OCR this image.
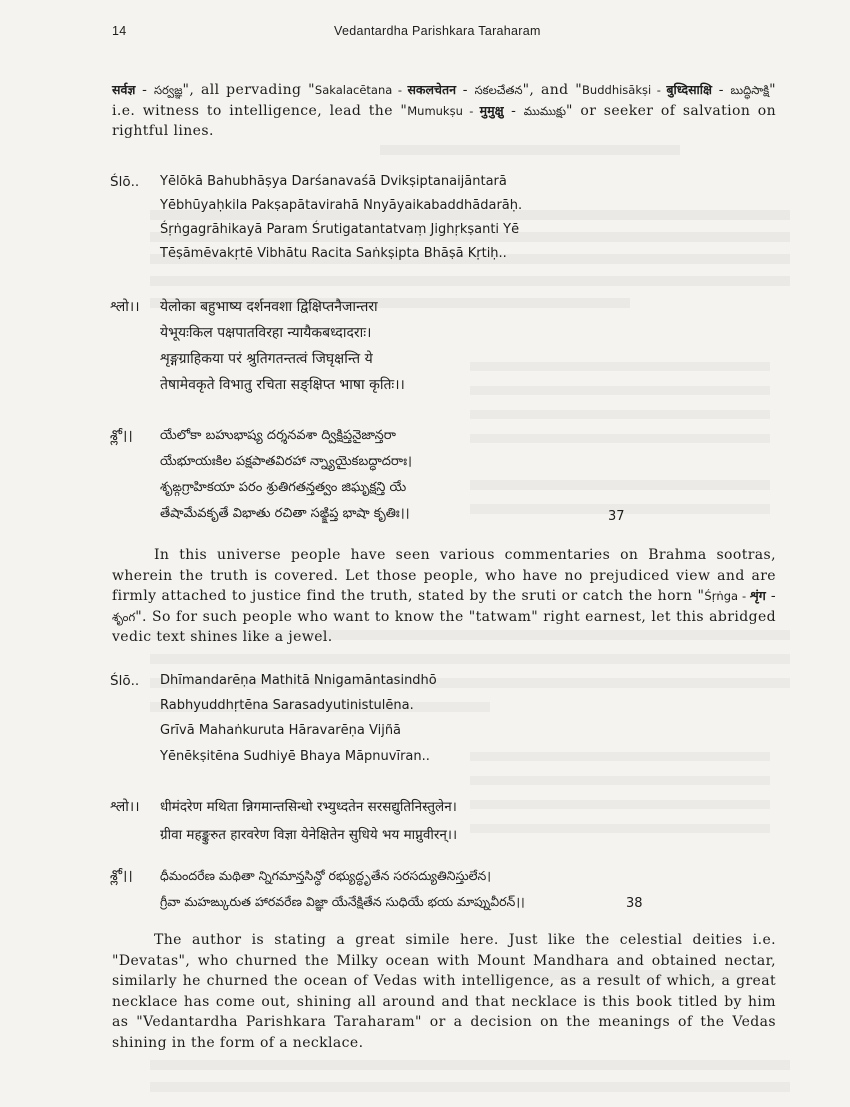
14	Vedantardha Parishkara Taraharam
सर्वज्ञ - సర్వజ్ఞ", all pervading "Sakalacētana - सकलचेतन - సకలచేతన", and "Buddhisākṣi - बुध्दिसाक्षि - బుద్ధిసాక్షి" i.e. witness to intelligence, lead the "Mumukṣu - मुमुक्षु - ముముక్షు" or seeker of salvation on rightful lines.
Ślō.. Yēlōkā Bahubhāṣya Darśanavaśā Dvikṣiptanaijāntarā
Yēbhūyaḥkila Pakṣapātavirahā Nnyāyaikabaddhādarāḥ.
Śṛṅgagrāhikayā Param Śrutigatantatvaṃ Jighṛkṣanti Yē
Tēṣāmēvakṛtē Vibhātu Racita Saṅkṣipta Bhāṣā Kṛtiḥ..
श्लो।। येलोका बहुभाष्य दर्शनवशा द्विक्षिप्तनैजान्तरा
येभूयःकिल पक्षपातविरहा न्यायैकबध्दादराः।
शृङ्गग्राहिकया परं श्रुतिगतन्तत्वं जिघृक्षन्ति ये
तेषामेवकृते विभातु रचिता सङ्क्षिप्त भाषा कृतिः।।
శ్లో।। యేలోకా బహుభాష్య దర్శనవశా ద్విక్షిప్తనైజాన్తరా
యేభూయఃకిల పక్షపాతవిరహా న్న్యాయైకబద్ధాదరాః।
శృఙ్గగ్రాహికయా పరం శ్రుతిగతన్తత్వం జిఘృక్షన్తి యే
తేషామేవకృతే విభాతు రచితా సఙ్క్షిప్త భాషా కృతిః।।	37
In this universe people have seen various commentaries on Brahma sootras, wherein the truth is covered. Let those people, who have no prejudiced view and are firmly attached to justice find the truth, stated by the sruti or catch the horn "Śṛṅga - शृंग - శృంగ". So for such people who want to know the "tatwam" right earnest, let this abridged vedic text shines like a jewel.
Ślō.. Dhīmandarēṇa Mathitā Nnigamāntasindhō
Rabhyuddhṛtēna Sarasadyutinistulēna.
Grīvā Mahaṅkuruta Hāravarēṇa Vijñā
Yēnēkṣitēna Sudhiyē Bhaya Māpnuvīran..
श्लो।। धीमंदरेण मथिता न्निगमान्तसिन्धो रभ्युध्दतेन सरसद्युतिनिस्तुलेन।
ग्रीवा महङ्कुरुत हारवरेण विज्ञा येनेक्षितेन सुधिये भय माप्नुवीरन्।।
శ్లో।। ధీమందరేణ మథితా న్నిగమాన్తసిన్ధో రభ్యుద్ధృతేన సరసద్యుతినిస్తులేన।
గ్రీవా మహఙ్కురుత హారవరేణ విజ్ఞా యేనేక్షితేన సుధియే భయ మాప్నువీరన్।।	38
The author is stating a great simile here. Just like the celestial deities i.e. "Devatas", who churned the Milky ocean with Mount Mandhara and obtained nectar, similarly he churned the ocean of Vedas with intelligence, as a result of which, a great necklace has come out, shining all around and that necklace is this book titled by him as "Vedantardha Parishkara Taraharam" or a decision on the meanings of the Vedas shining in the form of a necklace.
